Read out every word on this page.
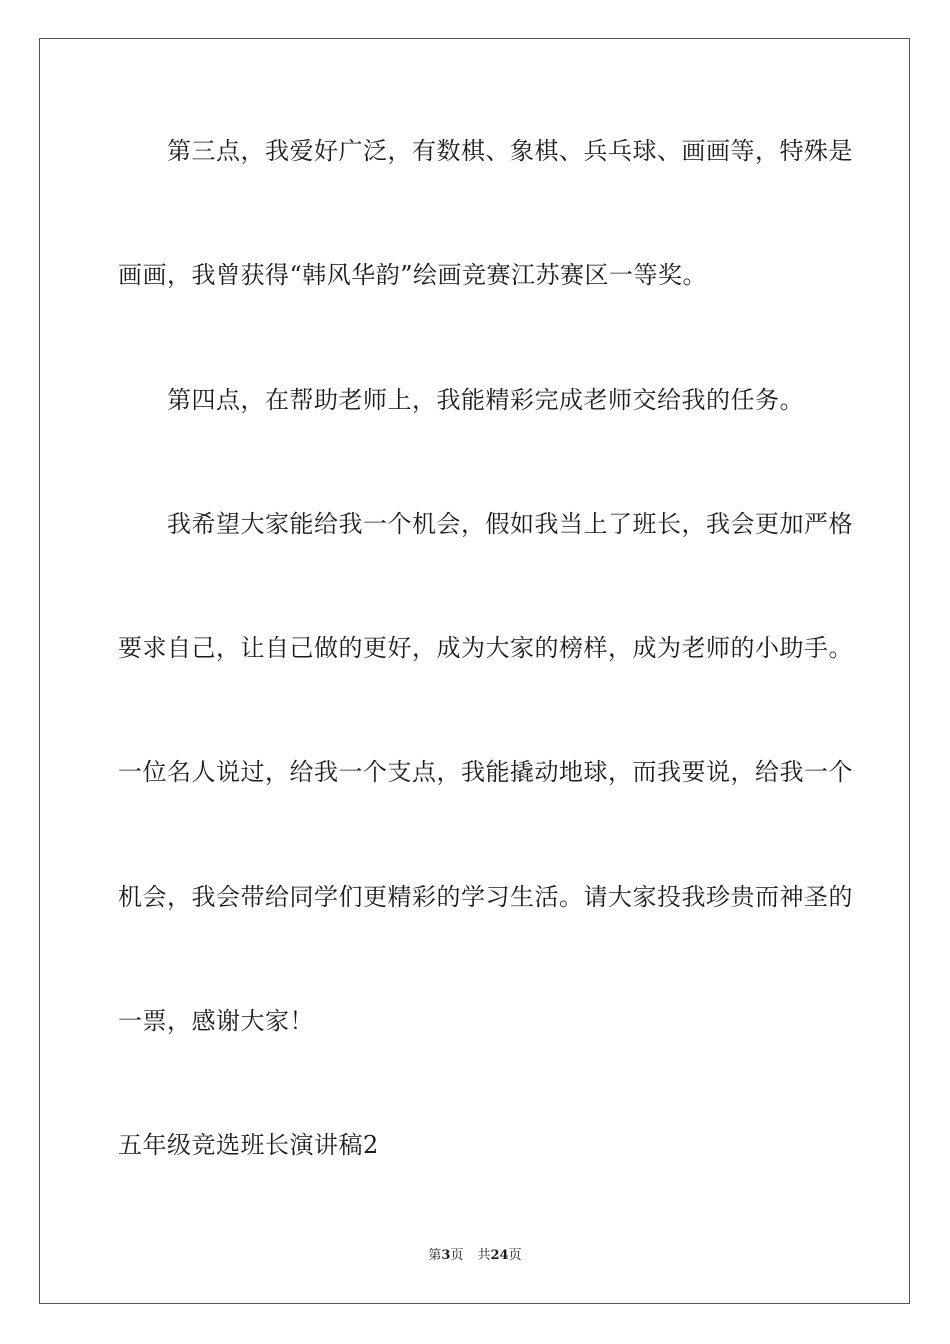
　　第三点，我爱好广泛，有数棋、象棋、兵乓球、画画等，特殊是
画画，我曾获得“韩风华韵”绘画竞赛江苏赛区一等奖。
　　第四点，在帮助老师上，我能精彩完成老师交给我的任务。
　　我希望大家能给我一个机会，假如我当上了班长，我会更加严格
要求自己，让自己做的更好，成为大家的榜样，成为老师的小助手。
一位名人说过，给我一个支点，我能撬动地球，而我要说，给我一个
机会，我会带给同学们更精彩的学习生活。请大家投我珍贵而神圣的
一票，感谢大家！
五年级竞选班长演讲稿2
第3页 共24页
